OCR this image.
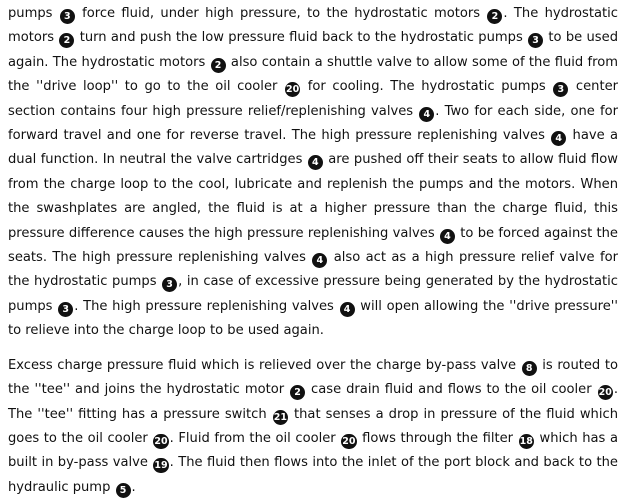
pumps 3 force fluid, under high pressure, to the hydrostatic motors 2 . The hydrostatic motors 2 turn and push the low pressure fluid back to the hydrostatic pumps 3 to be used again. The hydrostatic motors 2 also contain a shuttle valve to allow some of the fluid from the ''drive loop'' to go to the oil cooler 20 for cooling. The hydrostatic pumps 3 center section contains four high pressure relief/replenishing valves 4 . Two for each side, one for forward travel and one for reverse travel. The high pressure replenishing valves 4 have a dual function. In neutral the valve cartridges 4 are pushed off their seats to allow fluid flow from the charge loop to the cool, lubricate and replenish the pumps and the motors. When the swashplates are angled, the fluid is at a higher pressure than the charge fluid, this pressure difference causes the high pressure replenishing valves 4 to be forced against the seats. The high pressure replenishing valves 4 also act as a high pressure relief valve for the hydrostatic pumps 3 , in case of excessive pressure being generated by the hydrostatic pumps 3 . The high pressure replenishing valves 4 will open allowing the ''drive pressure'' to relieve into the charge loop to be used again.

Excess charge pressure fluid which is relieved over the charge by-pass valve 8 is routed to the ''tee'' and joins the hydrostatic motor 2 case drain fluid and flows to the oil cooler 20 . The ''tee'' fitting has a pressure switch 21 that senses a drop in pressure of the fluid which goes to the oil cooler 20 . Fluid from the oil cooler 20 flows through the filter 18 which has a built in by-pass valve 19 . The fluid then flows into the inlet of the port block and back to the hydraulic pump 5 .
